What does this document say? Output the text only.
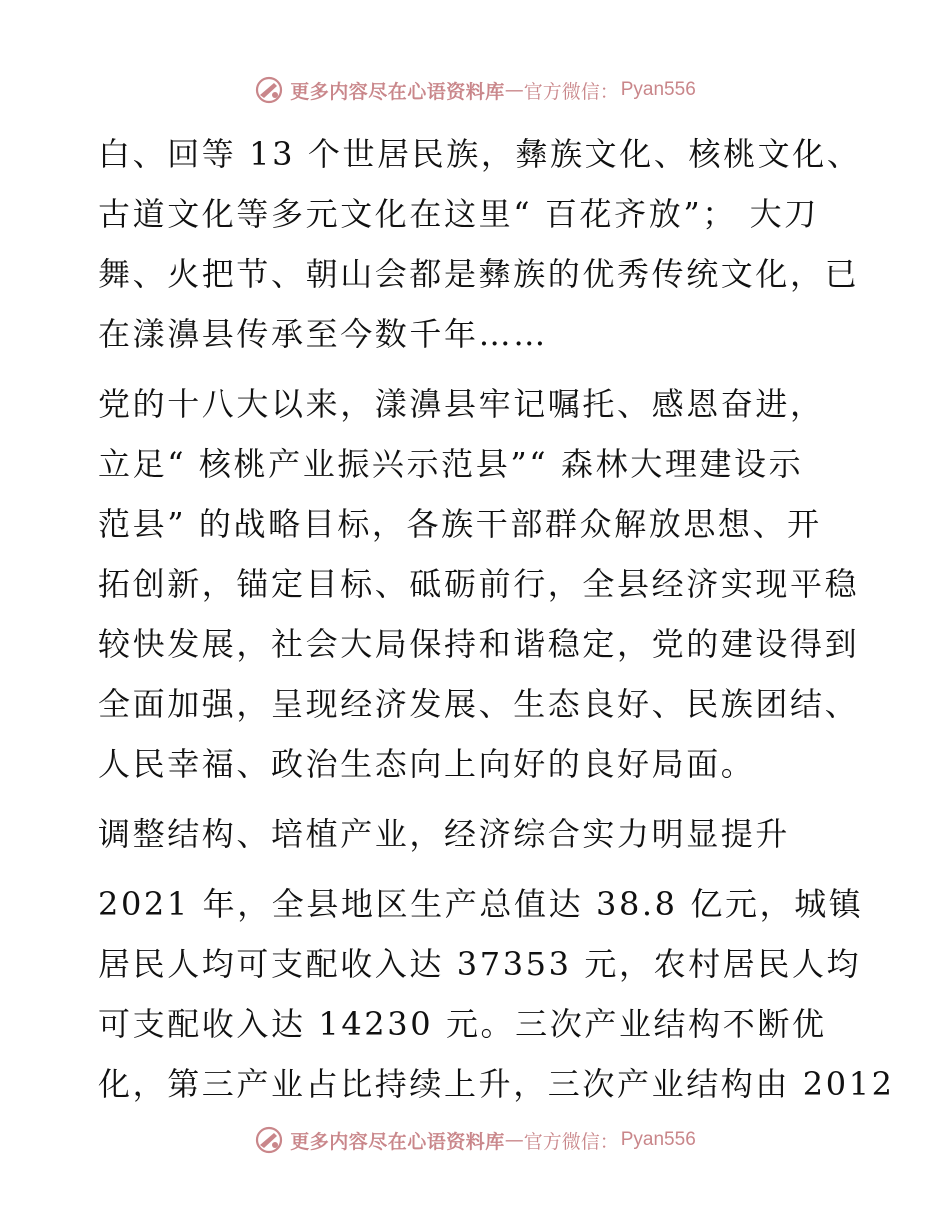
更多内容尽在心语资料库 — 官方微信： Pyan556
白、回等 13 个世居民族，彝族文化、核桃文化、
古道文化等多元文化在这里“ 百花齐放”； 大刀
舞、火把节、朝山会都是彝族的优秀传统文化，已
在漾濞县传承至今数千年……
党的十八大以来，漾濞县牢记嘱托、感恩奋进，
立足“ 核桃产业振兴示范县”“ 森林大理建设示
范县” 的战略目标，各族干部群众解放思想、开
拓创新，锚定目标、砥砺前行，全县经济实现平稳
较快发展，社会大局保持和谐稳定，党的建设得到
全面加强，呈现经济发展、生态良好、民族团结、
人民幸福、政治生态向上向好的良好局面。
调整结构、培植产业，经济综合实力明显提升
2021 年，全县地区生产总值达 38.8 亿元，城镇
居民人均可支配收入达 37353 元，农村居民人均
可支配收入达 14230 元。三次产业结构不断优
化，第三产业占比持续上升，三次产业结构由 2012
更多内容尽在心语资料库 — 官方微信： Pyan556
